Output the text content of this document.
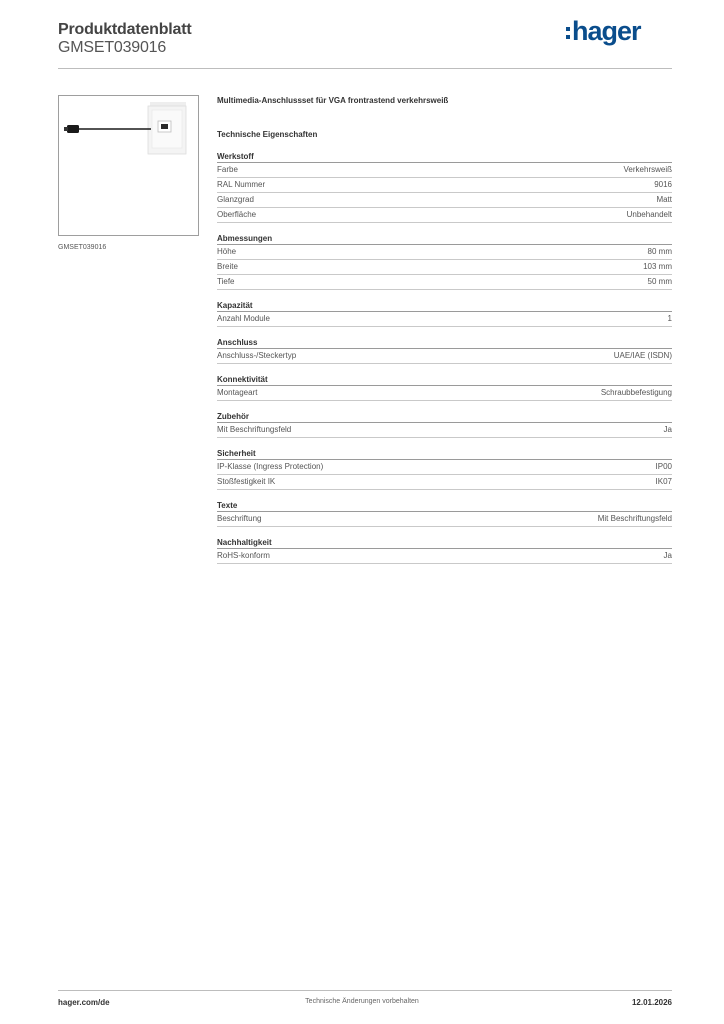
Produktdatenblatt
GMSET039016
hager
GMSET039016
Multimedia-Anschlussset für VGA frontrastend verkehrsweiß
Technische Eigenschaften
Werkstoff
Farbe	Verkehrsweiß
RAL Nummer	9016
Glanzgrad	Matt
Oberfläche	Unbehandelt
Abmessungen
Höhe	80 mm
Breite	103 mm
Tiefe	50 mm
Kapazität
Anzahl Module	1
Anschluss
Anschluss-/Steckertyp	UAE/IAE (ISDN)
Konnektivität
Montageart	Schraubbefestigung
Zubehör
Mit Beschriftungsfeld	Ja
Sicherheit
IP-Klasse (Ingress Protection)	IP00
Stoßfestigkeit IK	IK07
Texte
Beschriftung	Mit Beschriftungsfeld
Nachhaltigkeit
RoHS-konform	Ja
hager.com/de	Technische Änderungen vorbehalten	12.01.2026
